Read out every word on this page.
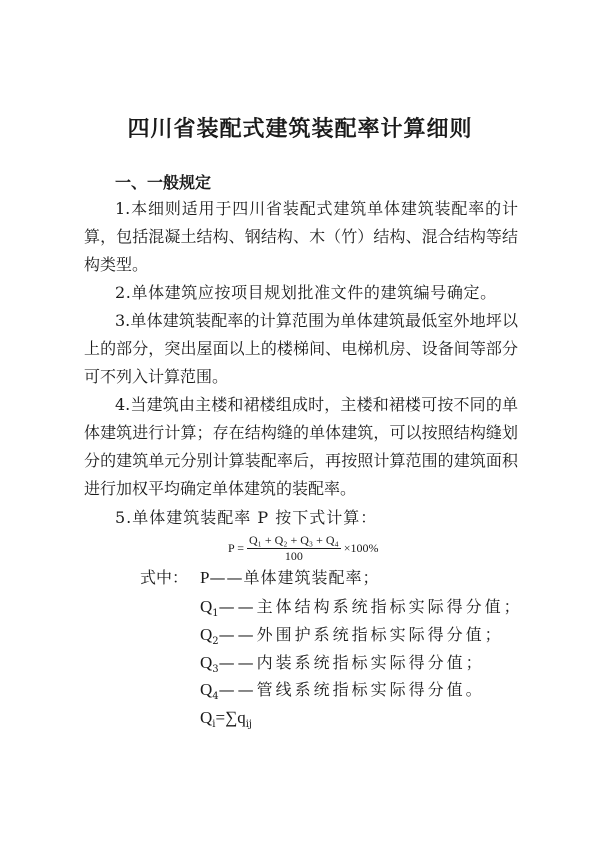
四川省装配式建筑装配率计算细则
一、一般规定
1.本细则适用于四川省装配式建筑单体建筑装配率的计
算，包括混凝土结构、钢结构、木（竹）结构、混合结构等结
构类型。
2.单体建筑应按项目规划批准文件的建筑编号确定。
3.单体建筑装配率的计算范围为单体建筑最低室外地坪以
上的部分，突出屋面以上的楼梯间、电梯机房、设备间等部分
可不列入计算范围。
4.当建筑由主楼和裙楼组成时，主楼和裙楼可按不同的单
体建筑进行计算；存在结构缝的单体建筑，可以按照结构缝划
分的建筑单元分别计算装配率后，再按照计算范围的建筑面积
进行加权平均确定单体建筑的装配率。
5.单体建筑装配率 P 按下式计算：
$P = \frac{\text{Q₁ + Q₂ + Q₃ + Q₄}}{100} \times 100\%$
式中： P——单体建筑装配率；
$Q_1——$主体结构系统指标实际得分值；
$Q_2——$外围护系统指标实际得分值；
$Q_3——$内装系统指标实际得分值；
$Q_4——$管线系统指标实际得分值。
$Q_i=\sum q_{ij}$
